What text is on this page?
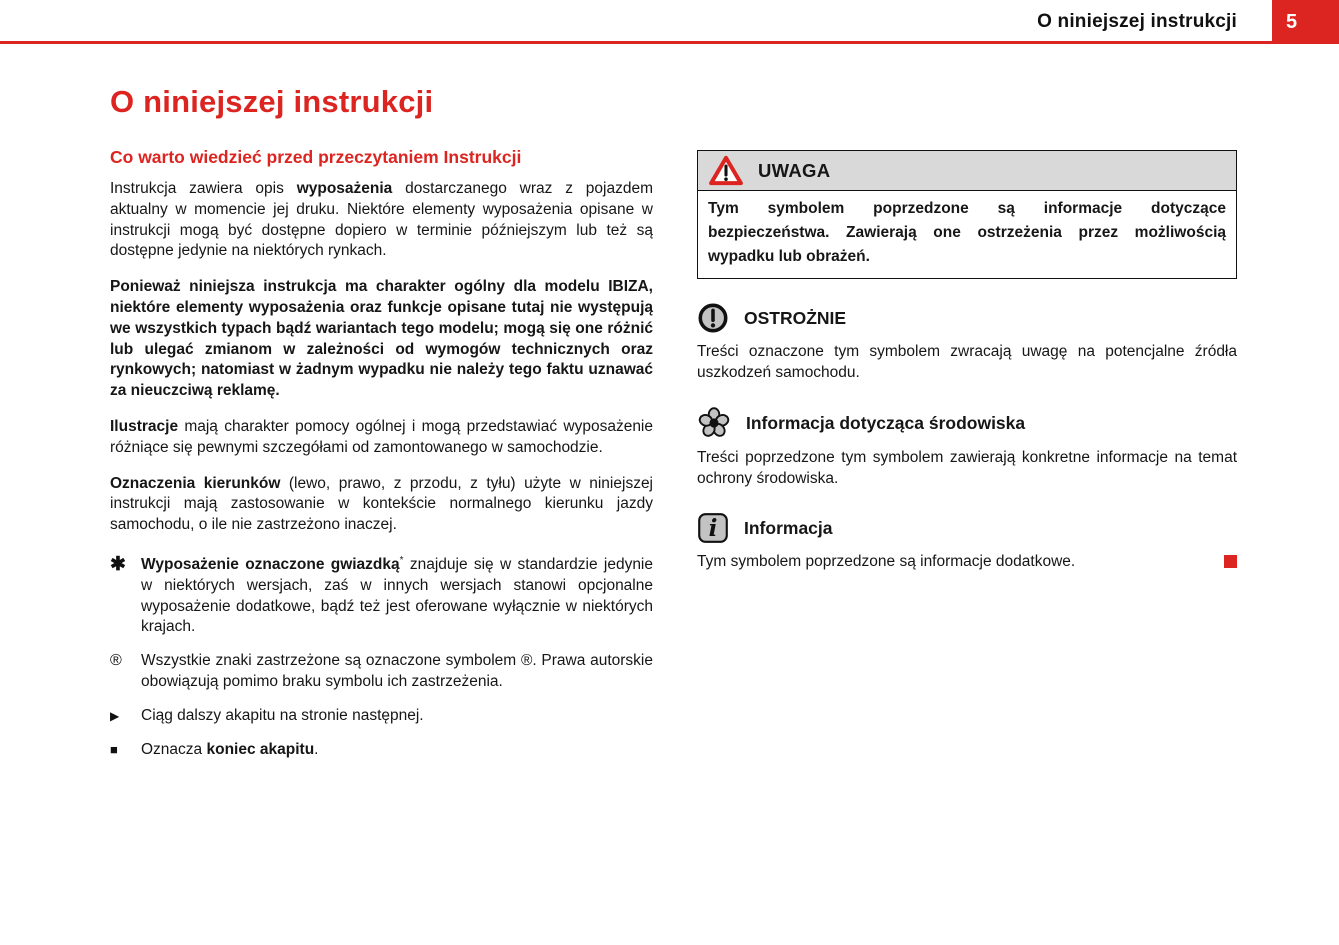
O niniejszej instrukcji 5
O niniejszej instrukcji
Co warto wiedzieć przed przeczytaniem Instrukcji

Instrukcja zawiera opis wyposażenia dostarczanego wraz z pojazdem aktualny w momencie jej druku. Niektóre elementy wyposażenia opisane w instrukcji mogą być dostępne dopiero w terminie późniejszym lub też są dostępne jedynie na niektórych rynkach.

Ponieważ niniejsza instrukcja ma charakter ogólny dla modelu IBIZA, niektóre elementy wyposażenia oraz funkcje opisane tutaj nie występują we wszystkich typach bądź wariantach tego modelu; mogą się one różnić lub ulegać zmianom w zależności od wymogów technicznych oraz rynkowych; natomiast w żadnym wypadku nie należy tego faktu uznawać za nieuczciwą reklamę.

Ilustracje mają charakter pomocy ogólnej i mogą przedstawiać wyposażenie różniące się pewnymi szczegółami od zamontowanego w samochodzie.

Oznaczenia kierunków (lewo, prawo, z przodu, z tyłu) użyte w niniejszej instrukcji mają zastosowanie w kontekście normalnego kierunku jazdy samochodu, o ile nie zastrzeżono inaczej.

✱ Wyposażenie oznaczone gwiazdką* znajduje się w standardzie jedynie w niektórych wersjach, zaś w innych wersjach stanowi opcjonalne wyposażenie dodatkowe, bądź też jest oferowane wyłącznie w niektórych krajach.
®	Wszystkie znaki zastrzeżone są oznaczone symbolem ®. Prawa autorskie obowiązują pomimo braku symbolu ich zastrzeżenia.
▶	Ciąg dalszy akapitu na stronie następnej.
■	Oznacza koniec akapitu.
UWAGA
Tym symbolem poprzedzone są informacje dotyczące bezpieczeństwa. Zawierają one ostrzeżenia przez możliwością wypadku lub obrażeń.
OSTROŻNIE

Treści oznaczone tym symbolem zwracają uwagę na potencjalne źródła uszkodzeń samochodu.

Informacja dotycząca środowiska

Treści poprzedzone tym symbolem zawierają konkretne informacje na temat ochrony środowiska.

i Informacja

Tym symbolem poprzedzone są informacje dodatkowe.
